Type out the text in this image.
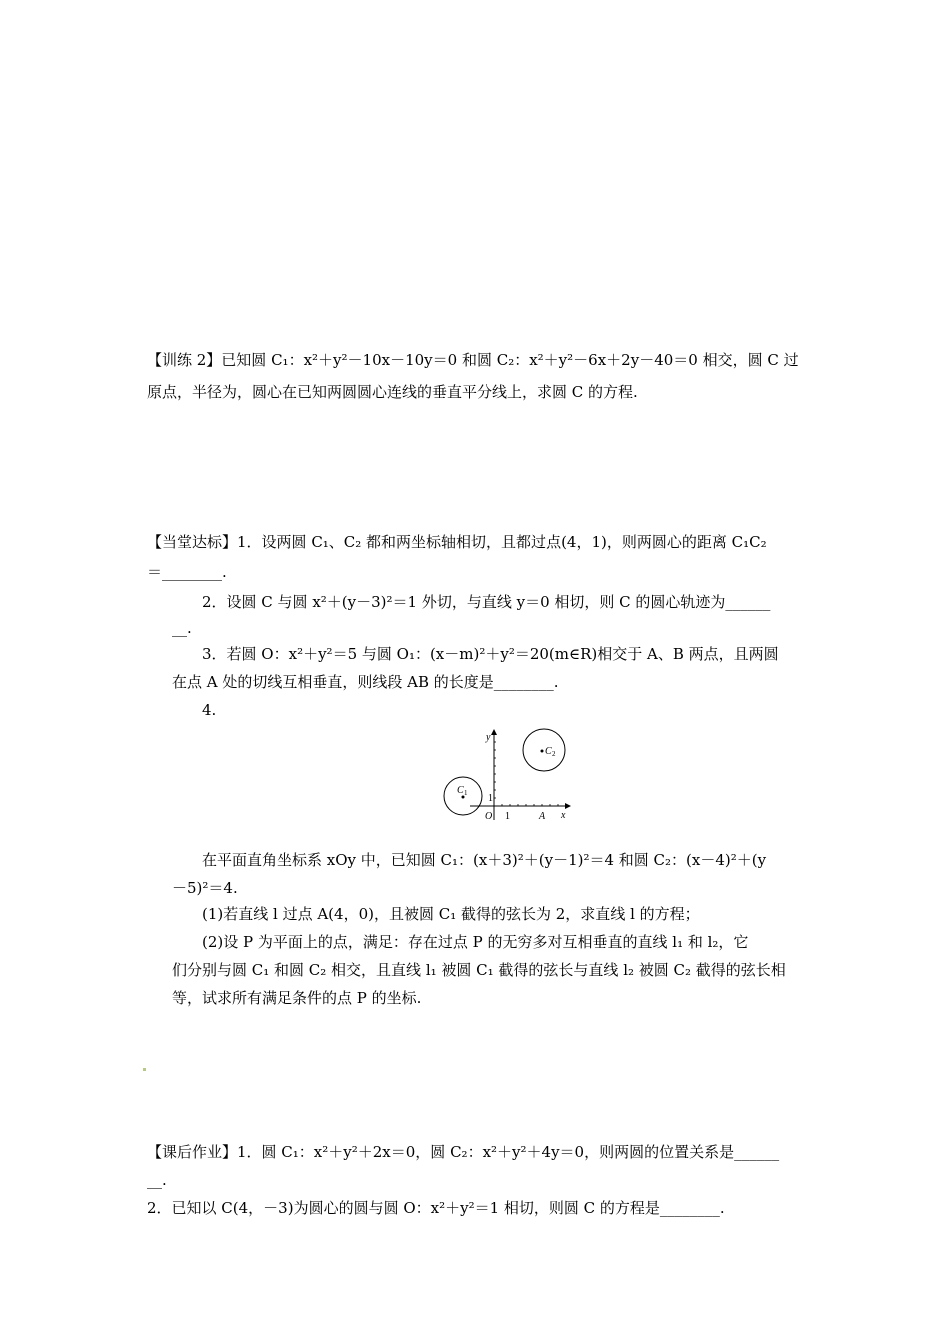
【训练 2】已知圆 C₁：x²＋y²－10x－10y＝0 和圆 C₂：x²＋y²－6x＋2y－40＝0 相交，圆 C 过
原点，半径为，圆心在已知两圆圆心连线的垂直平分线上，求圆 C 的方程.
【当堂达标】1．设两圆 C₁、C₂ 都和两坐标轴相切，且都过点(4，1)，则两圆心的距离 C₁C₂
＝________.
2．设圆 C 与圆 x²＋(y－3)²＝1 外切，与直线 y＝0 相切，则 C 的圆心轨迹为______
__.
3．若圆 O：x²＋y²＝5 与圆 O₁：(x－m)²＋y²＝20(m∈R)相交于 A、B 两点，且两圆
在点 A 处的切线互相垂直，则线段 AB 的长度是________.
4.
y
x
O 1
1
A
C 1
C 2
在平面直角坐标系 xOy 中，已知圆 C₁：(x＋3)²＋(y－1)²＝4 和圆 C₂：(x－4)²＋(y
－5)²＝4.
(1)若直线 l 过点 A(4，0)，且被圆 C₁ 截得的弦长为 2，求直线 l 的方程；
(2)设 P 为平面上的点，满足：存在过点 P 的无穷多对互相垂直的直线 l₁ 和 l₂，它
们分别与圆 C₁ 和圆 C₂ 相交，且直线 l₁ 被圆 C₁ 截得的弦长与直线 l₂ 被圆 C₂ 截得的弦长相
等，试求所有满足条件的点 P 的坐标.
【课后作业】1．圆 C₁：x²＋y²＋2x＝0，圆 C₂：x²＋y²＋4y＝0，则两圆的位置关系是______
__.
2．已知以 C(4，－3)为圆心的圆与圆 O：x²＋y²＝1 相切，则圆 C 的方程是________.
